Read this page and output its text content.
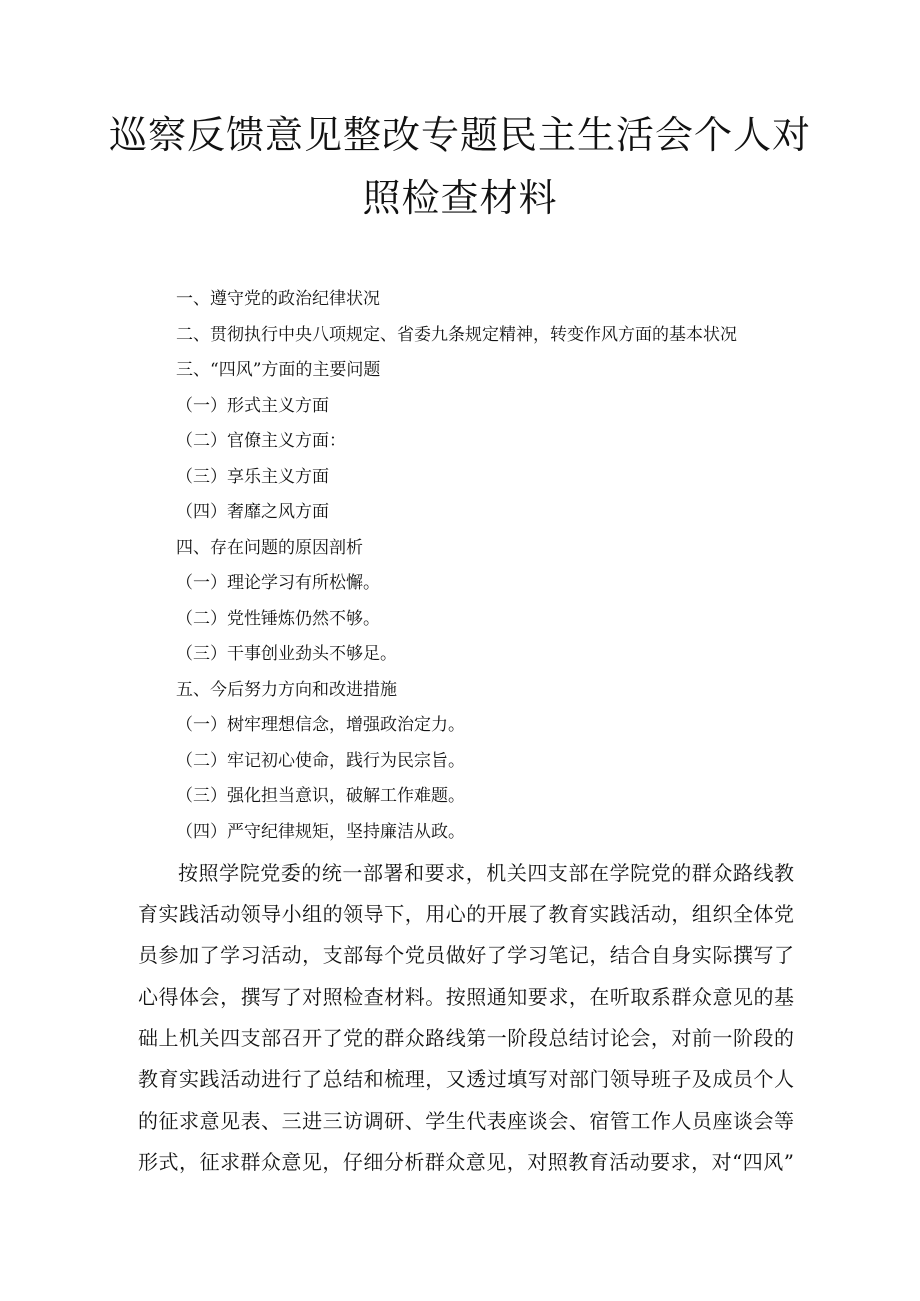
巡察反馈意见整改专题民主生活会个人对
照检查材料
一、遵守党的政治纪律状况
二、贯彻执行中央八项规定、省委九条规定精神，转变作风方面的基本状况
三、“四风”方面的主要问题
（一）形式主义方面
（二）官僚主义方面：
（三）享乐主义方面
（四）奢靡之风方面
四、存在问题的原因剖析
（一）理论学习有所松懈。
（二）党性锤炼仍然不够。
（三）干事创业劲头不够足。
五、今后努力方向和改进措施
（一）树牢理想信念，增强政治定力。
（二）牢记初心使命，践行为民宗旨。
（三）强化担当意识，破解工作难题。
（四）严守纪律规矩，坚持廉洁从政。
按照学院党委的统一部署和要求，机关四支部在学院党的群众路线教
育实践活动领导小组的领导下，用心的开展了教育实践活动，组织全体党
员参加了学习活动，支部每个党员做好了学习笔记，结合自身实际撰写了
心得体会，撰写了对照检查材料。按照通知要求，在听取系群众意见的基
础上机关四支部召开了党的群众路线第一阶段总结讨论会，对前一阶段的
教育实践活动进行了总结和梳理，又透过填写对部门领导班子及成员个人
的征求意见表、三进三访调研、学生代表座谈会、宿管工作人员座谈会等
形式，征求群众意见，仔细分析群众意见，对照教育活动要求，对“四风”
